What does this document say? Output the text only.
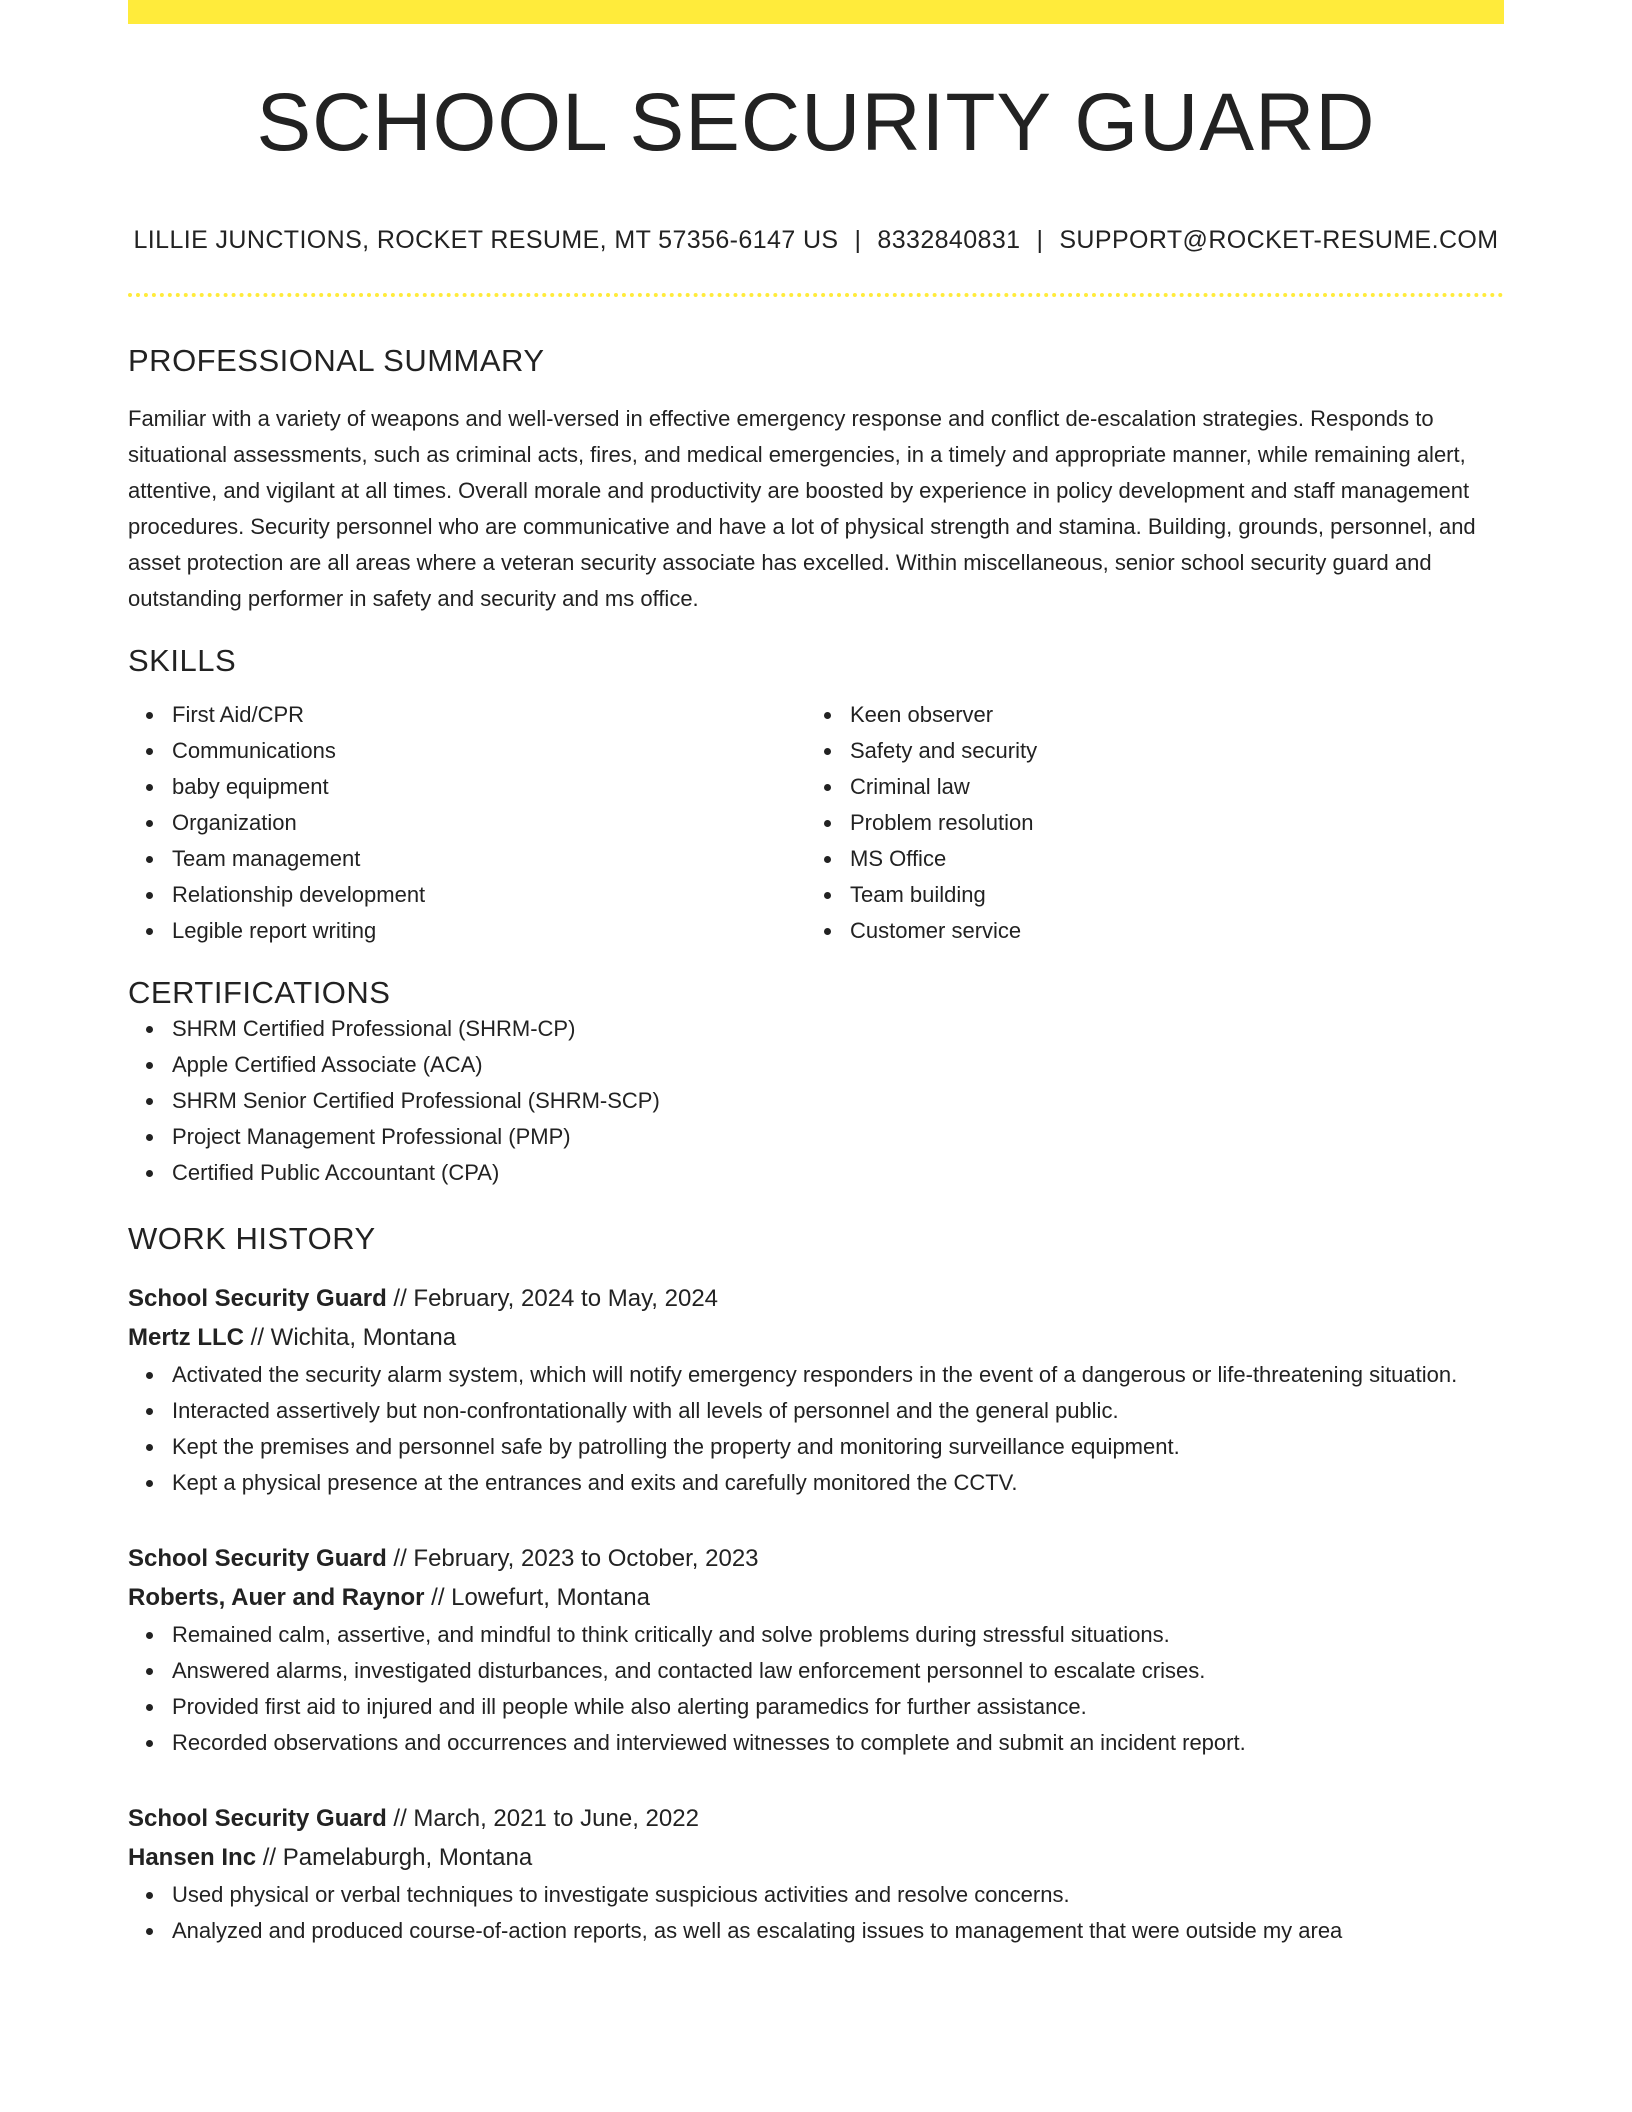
SCHOOL SECURITY GUARD
LILLIE JUNCTIONS, ROCKET RESUME, MT 57356-6147 US | 8332840831 | SUPPORT@ROCKET-RESUME.COM
PROFESSIONAL SUMMARY

Familiar with a variety of weapons and well-versed in effective emergency response and conflict de-escalation strategies. Responds to situational assessments, such as criminal acts, fires, and medical emergencies, in a timely and appropriate manner, while remaining alert, attentive, and vigilant at all times. Overall morale and productivity are boosted by experience in policy development and staff management procedures. Security personnel who are communicative and have a lot of physical strength and stamina. Building, grounds, personnel, and asset protection are all areas where a veteran security associate has excelled. Within miscellaneous, senior school security guard and outstanding performer in safety and security and ms office.

SKILLS
First Aid/CPR
Communications
baby equipment
Organization
Team management
Relationship development
Legible report writing
Keen observer
Safety and security
Criminal law
Problem resolution
MS Office
Team building
Customer service
CERTIFICATIONS
SHRM Certified Professional (SHRM-CP)
Apple Certified Associate (ACA)
SHRM Senior Certified Professional (SHRM-SCP)
Project Management Professional (PMP)
Certified Public Accountant (CPA)
WORK HISTORY
School Security Guard // February, 2024 to May, 2024
Mertz LLC // Wichita, Montana
Activated the security alarm system, which will notify emergency responders in the event of a dangerous or life-threatening situation.
Interacted assertively but non-confrontationally with all levels of personnel and the general public.
Kept the premises and personnel safe by patrolling the property and monitoring surveillance equipment.
Kept a physical presence at the entrances and exits and carefully monitored the CCTV.
School Security Guard // February, 2023 to October, 2023
Roberts, Auer and Raynor // Lowefurt, Montana
Remained calm, assertive, and mindful to think critically and solve problems during stressful situations.
Answered alarms, investigated disturbances, and contacted law enforcement personnel to escalate crises.
Provided first aid to injured and ill people while also alerting paramedics for further assistance.
Recorded observations and occurrences and interviewed witnesses to complete and submit an incident report.
School Security Guard // March, 2021 to June, 2022
Hansen Inc // Pamelaburgh, Montana
Used physical or verbal techniques to investigate suspicious activities and resolve concerns.
Analyzed and produced course-of-action reports, as well as escalating issues to management that were outside my area
